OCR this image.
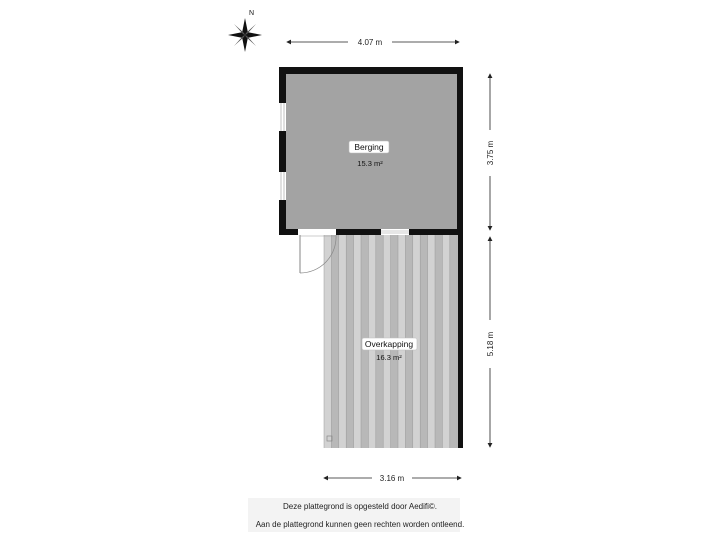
N
4.07 m
3.75 m
5.18 m
3.16 m
Berging
15.3 m²
Overkapping
16.3 m²
Deze plattegrond is opgesteld door Aedifi©.
Aan de plattegrond kunnen geen rechten worden ontleend.
